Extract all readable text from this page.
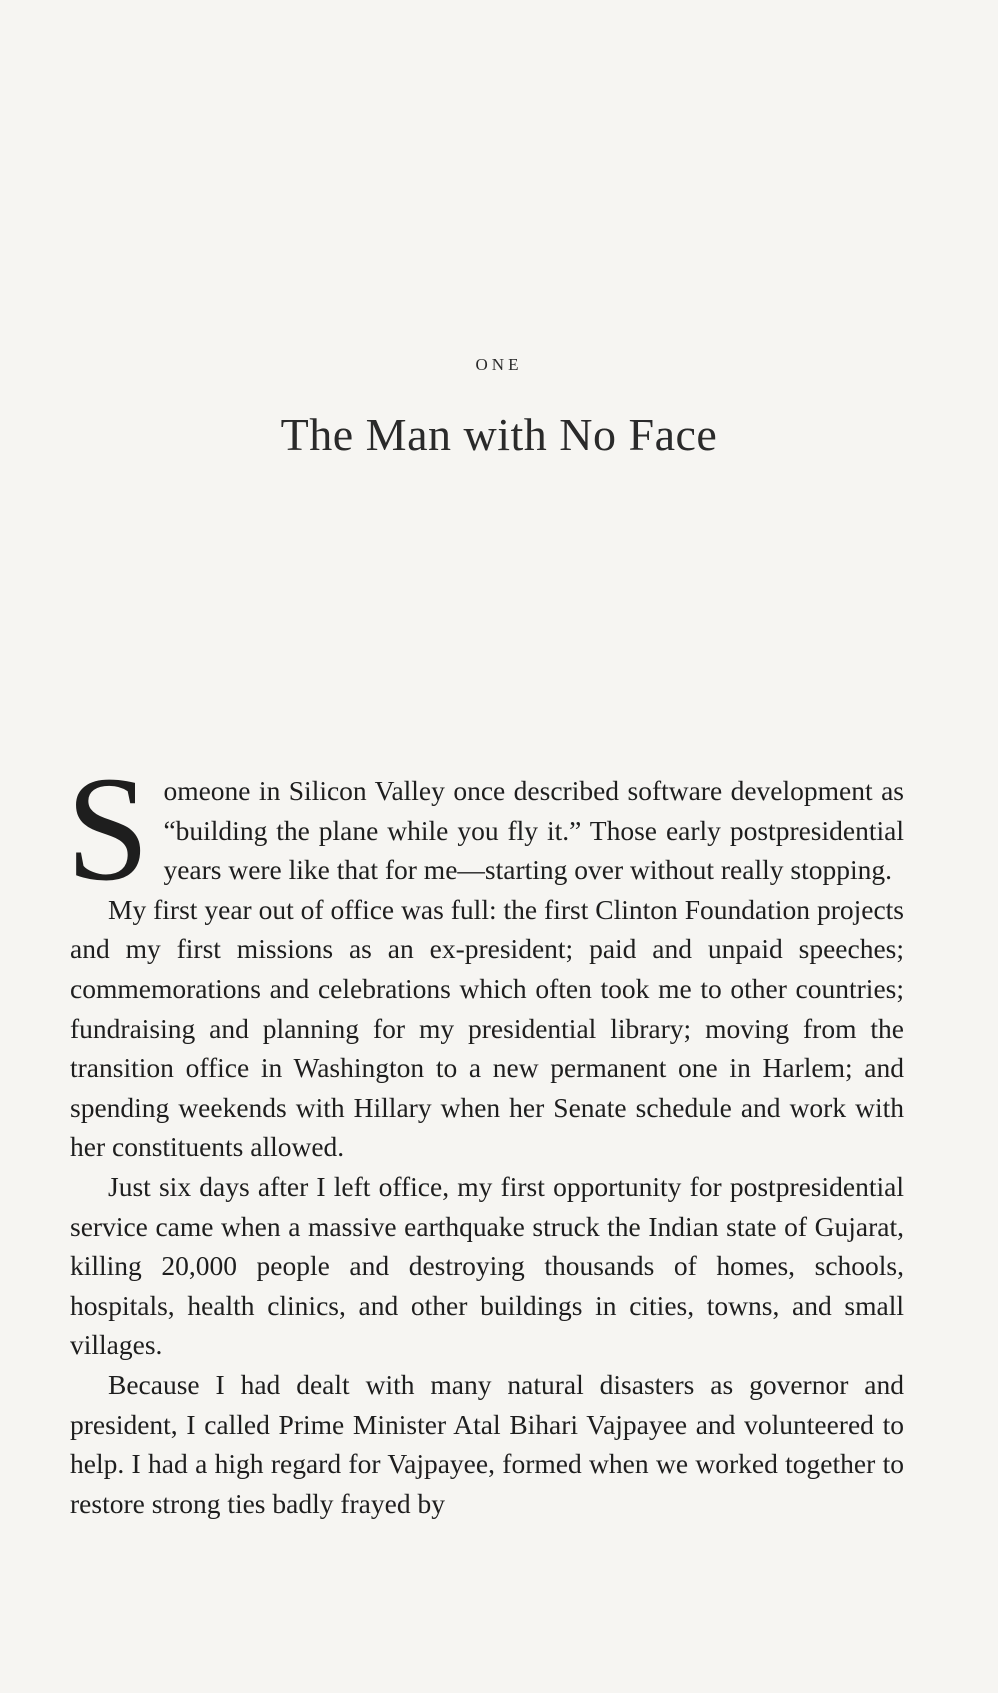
ONE
The Man with No Face

Someone in Silicon Valley once described software development as “building the plane while you fly it.” Those early postpresidential years were like that for me—starting over without really stopping.

My first year out of office was full: the first Clinton Foundation projects and my first missions as an ex-president; paid and unpaid speeches; commemorations and celebrations which often took me to other countries; fundraising and planning for my presidential library; moving from the transition office in Washington to a new permanent one in Harlem; and spending weekends with Hillary when her Senate schedule and work with her constituents allowed.

Just six days after I left office, my first opportunity for postpresidential service came when a massive earthquake struck the Indian state of Gujarat, killing 20,000 people and destroying thousands of homes, schools, hospitals, health clinics, and other buildings in cities, towns, and small villages.

Because I had dealt with many natural disasters as governor and president, I called Prime Minister Atal Bihari Vajpayee and volunteered to help. I had a high regard for Vajpayee, formed when we worked together to restore strong ties badly frayed by
